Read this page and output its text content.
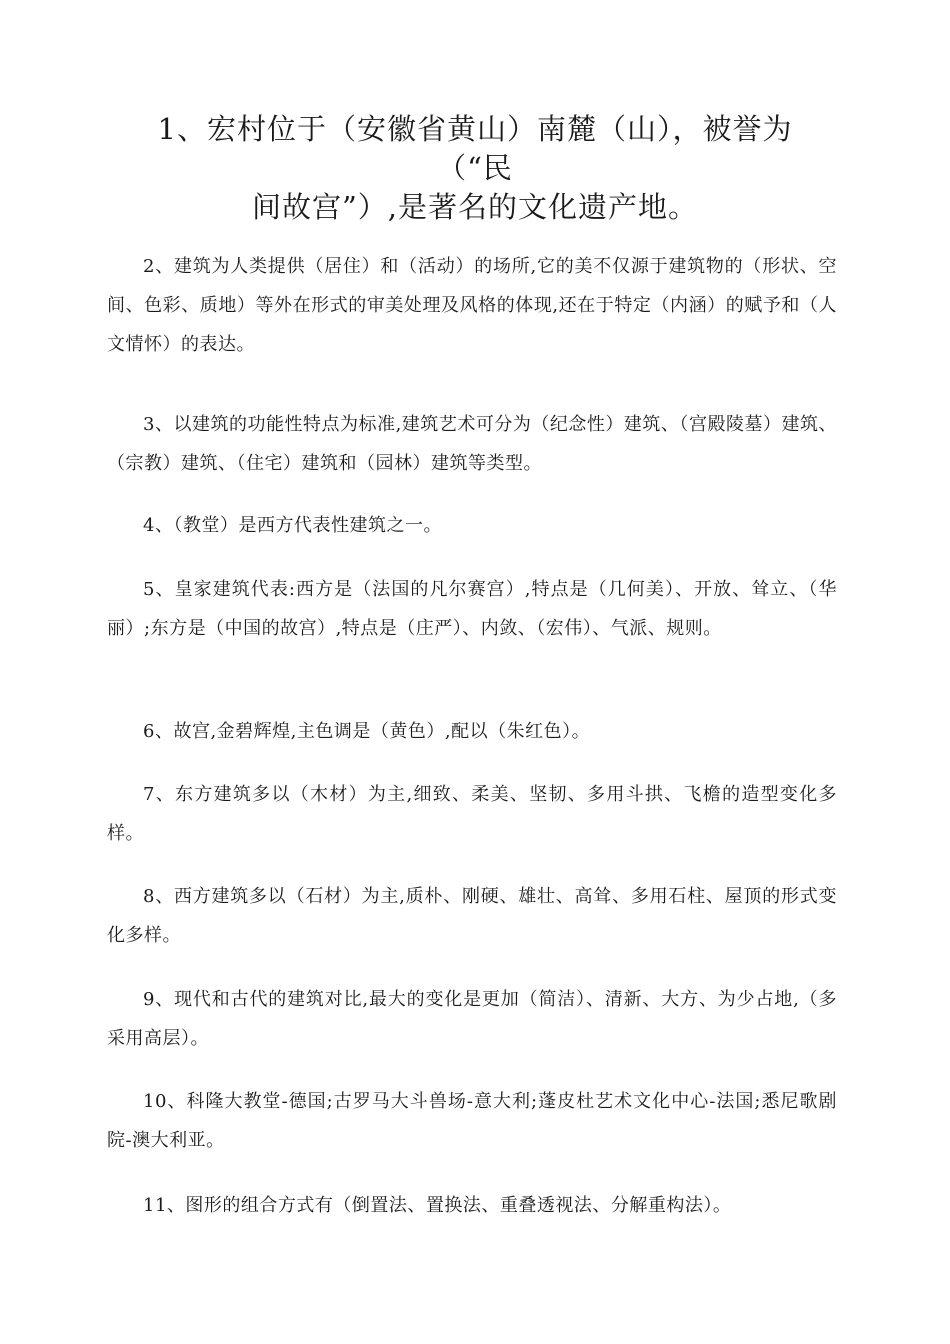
1、宏村位于（安徽省黄山）南麓（山），被誉为
（“民
间故宫”）,是著名的文化遗产地。

2、建筑为人类提供（居住）和（活动）的场所,它的美不仅源于建筑物的（形状、空间、色彩、质地）等外在形式的审美处理及风格的体现,还在于特定（内涵）的赋予和（人文情怀）的表达。

3、以建筑的功能性特点为标准,建筑艺术可分为（纪念性）建筑、（宫殿陵墓）建筑、（宗教）建筑、（住宅）建筑和（园林）建筑等类型。

4、（教堂）是西方代表性建筑之一。

5、皇家建筑代表:西方是（法国的凡尔赛宫）,特点是（几何美）、开放、耸立、（华丽）;东方是（中国的故宫）,特点是（庄严）、内敛、（宏伟）、气派、规则。

6、故宫,金碧辉煌,主色调是（黄色）,配以（朱红色）。

7、东方建筑多以（木材）为主,细致、柔美、坚韧、多用斗拱、飞檐的造型变化多样。

8、西方建筑多以（石材）为主,质朴、刚硬、雄壮、高耸、多用石柱、屋顶的形式变化多样。

9、现代和古代的建筑对比,最大的变化是更加（简洁）、清新、大方、为少占地,（多采用高层）。

10、科隆大教堂-德国;古罗马大斗兽场-意大利;蓬皮杜艺术文化中心-法国;悉尼歌剧院-澳大利亚。

11、图形的组合方式有（倒置法、置换法、重叠透视法、分解重构法）。
